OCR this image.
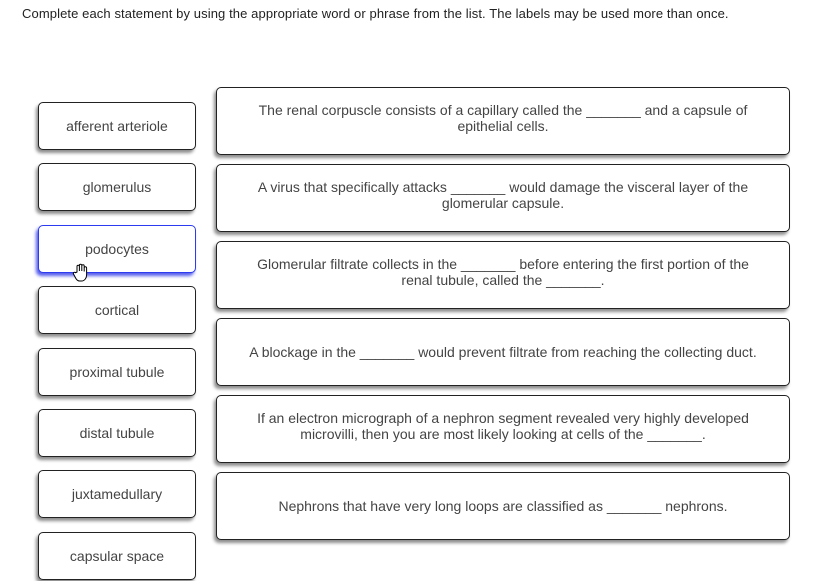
Complete each statement by using the appropriate word or phrase from the list. The labels may be used more than once.
afferent arteriole
glomerulus
podocytes
cortical
proximal tubule
distal tubule
juxtamedullary
capsular space
The renal corpuscle consists of a capillary called the _______ and a capsule of epithelial cells.
A virus that specifically attacks _______ would damage the visceral layer of the glomerular capsule.
Glomerular filtrate collects in the _______ before entering the first portion of the renal tubule, called the _______.
A blockage in the _______ would prevent filtrate from reaching the collecting duct.
If an electron micrograph of a nephron segment revealed very highly developed microvilli, then you are most likely looking at cells of the _______.
Nephrons that have very long loops are classified as _______ nephrons.
